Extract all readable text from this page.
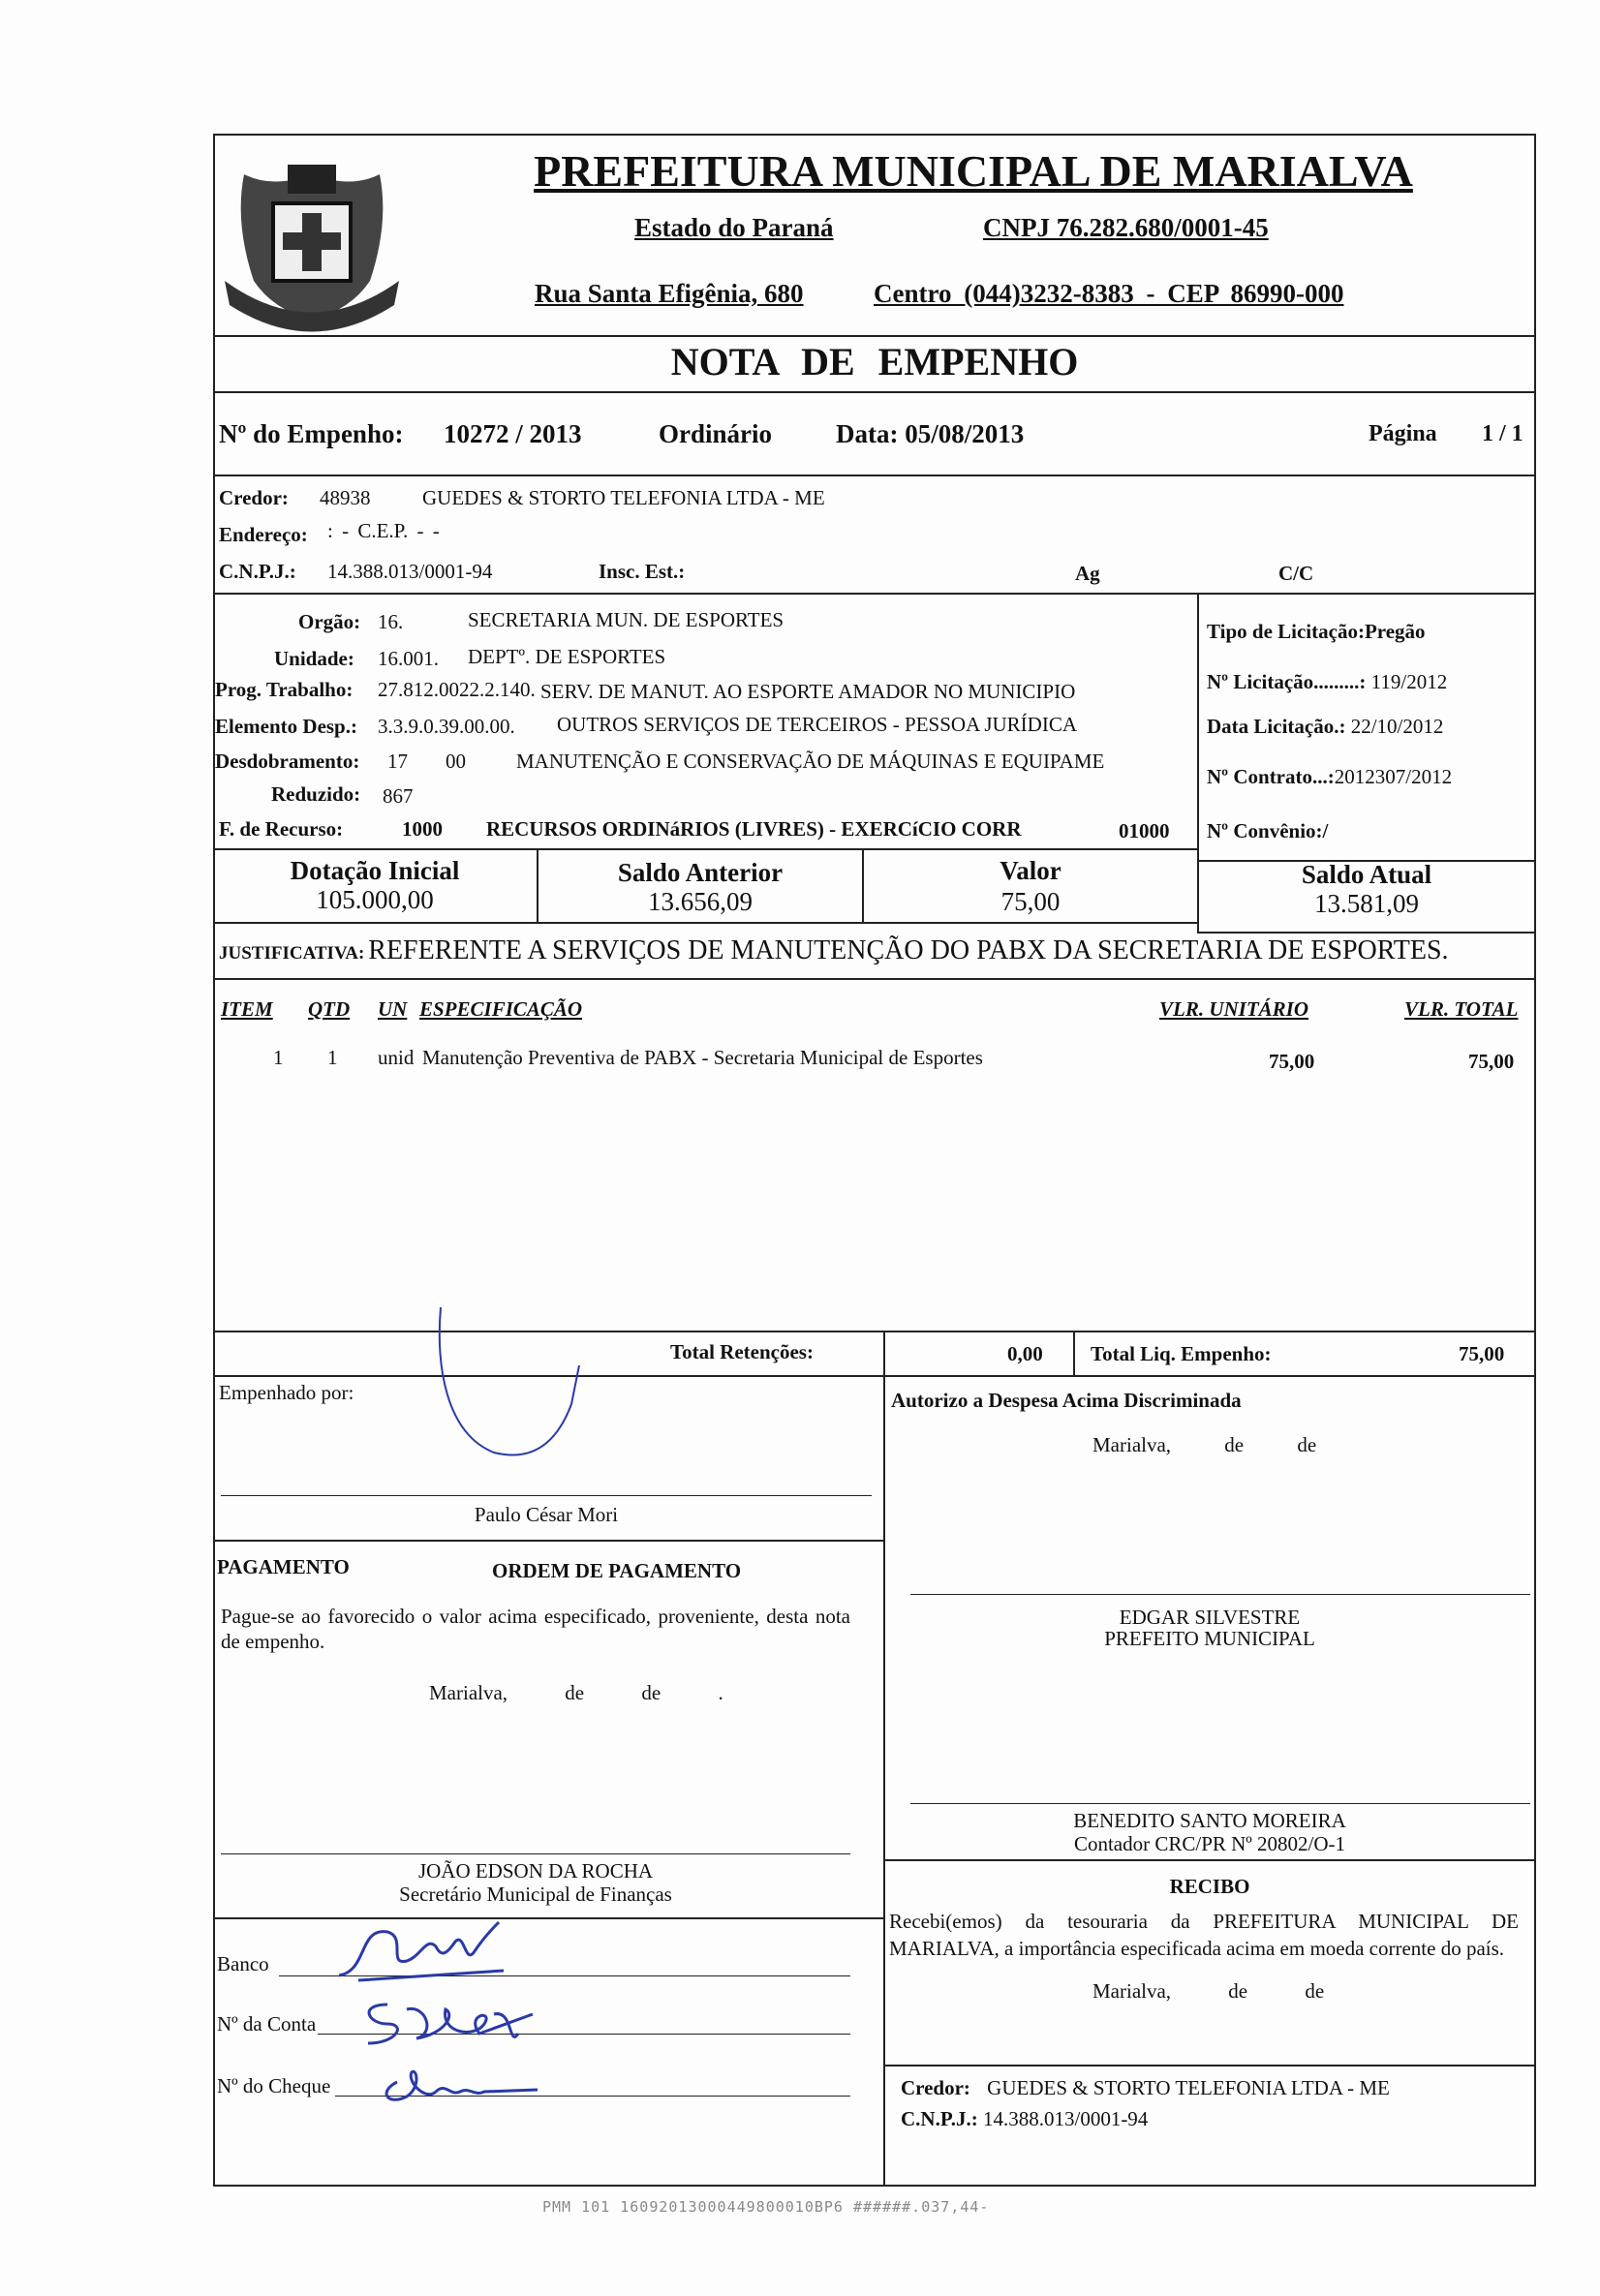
PREFEITURA MUNICIPAL DE MARIALVA
Estado do Paraná	CNPJ 76.282.680/0001-45
Rua Santa Efigênia, 680	Centro (044)3232-8383 - CEP 86990-000
NOTA DE EMPENHO
Nº do Empenho: 10272 / 2013	Ordinário Data: 05/08/2013	Página 1 / 1
Credor: 48938	GUEDES & STORTO TELEFONIA LTDA - ME
Endereço: : - C.E.P. - -
C.N.P.J.: 14.388.013/0001-94	Insc. Est.:	Ag	C/C
Orgão: 16.	SECRETARIA MUN. DE ESPORTES
Unidade: 16.001. DEPTº. DE ESPORTES
Prog. Trabalho: 27.812.0022.2.140. SERV. DE MANUT. AO ESPORTE AMADOR NO MUNICIPIO
Elemento Desp.: 3.3.9.0.39.00.00. OUTROS SERVIÇOS DE TERCEIROS - PESSOA JURÍDICA
Desdobramento: 17 00 MANUTENÇÃO E CONSERVAÇÃO DE MÁQUINAS E EQUIPAME
Reduzido: 867
F. de Recurso:	1000 RECURSOS ORDINáRIOS (LIVRES) - EXERCíCIO CORR	01000
Tipo de Licitação:Pregão
Nº Licitação.........: 119/2012
Data Licitação.: 22/10/2012
Nº Contrato...:2012307/2012
Nº Convênio:/
Dotação Inicial
105.000,00
Saldo Anterior
13.656,09
Valor
75,00
Saldo Atual
13.581,09
JUSTIFICATIVA: REFERENTE A SERVIÇOS DE MANUTENÇÃO DO PABX DA SECRETARIA DE ESPORTES.
ITEM QTD UN ESPECIFICAÇÃO	VLR. UNITÁRIO	VLR. TOTAL
1 1 unid Manutenção Preventiva de PABX - Secretaria Municipal de Esportes	75,00	75,00
Total Retenções:	0,00 Total Liq. Empenho:	75,00
Empenhado por:
Paulo César Mori
Autorizo a Despesa Acima Discriminada
Marialva, de de
PAGAMENTO	ORDEM DE PAGAMENTO
Pague-se ao favorecido o valor acima especificado, proveniente, desta nota de empenho.
Marialva, de de .
EDGAR SILVESTRE
PREFEITO MUNICIPAL
BENEDITO SANTO MOREIRA
Contador CRC/PR Nº 20802/O-1
JOÃO EDSON DA ROCHA
Secretário Municipal de Finanças	RECIBO
Recebi(emos) da tesouraria da PREFEITURA MUNICIPAL DE MARIALVA, a importância especificada acima em moeda corrente do país.
Marialva, de de
Banco
Nº da Conta
Nº do Cheque	Credor: GUEDES & STORTO TELEFONIA LTDA - ME
C.N.P.J.: 14.388.013/0001-94
PMM 101 16092013000449800010BP6 ######.037,44-
